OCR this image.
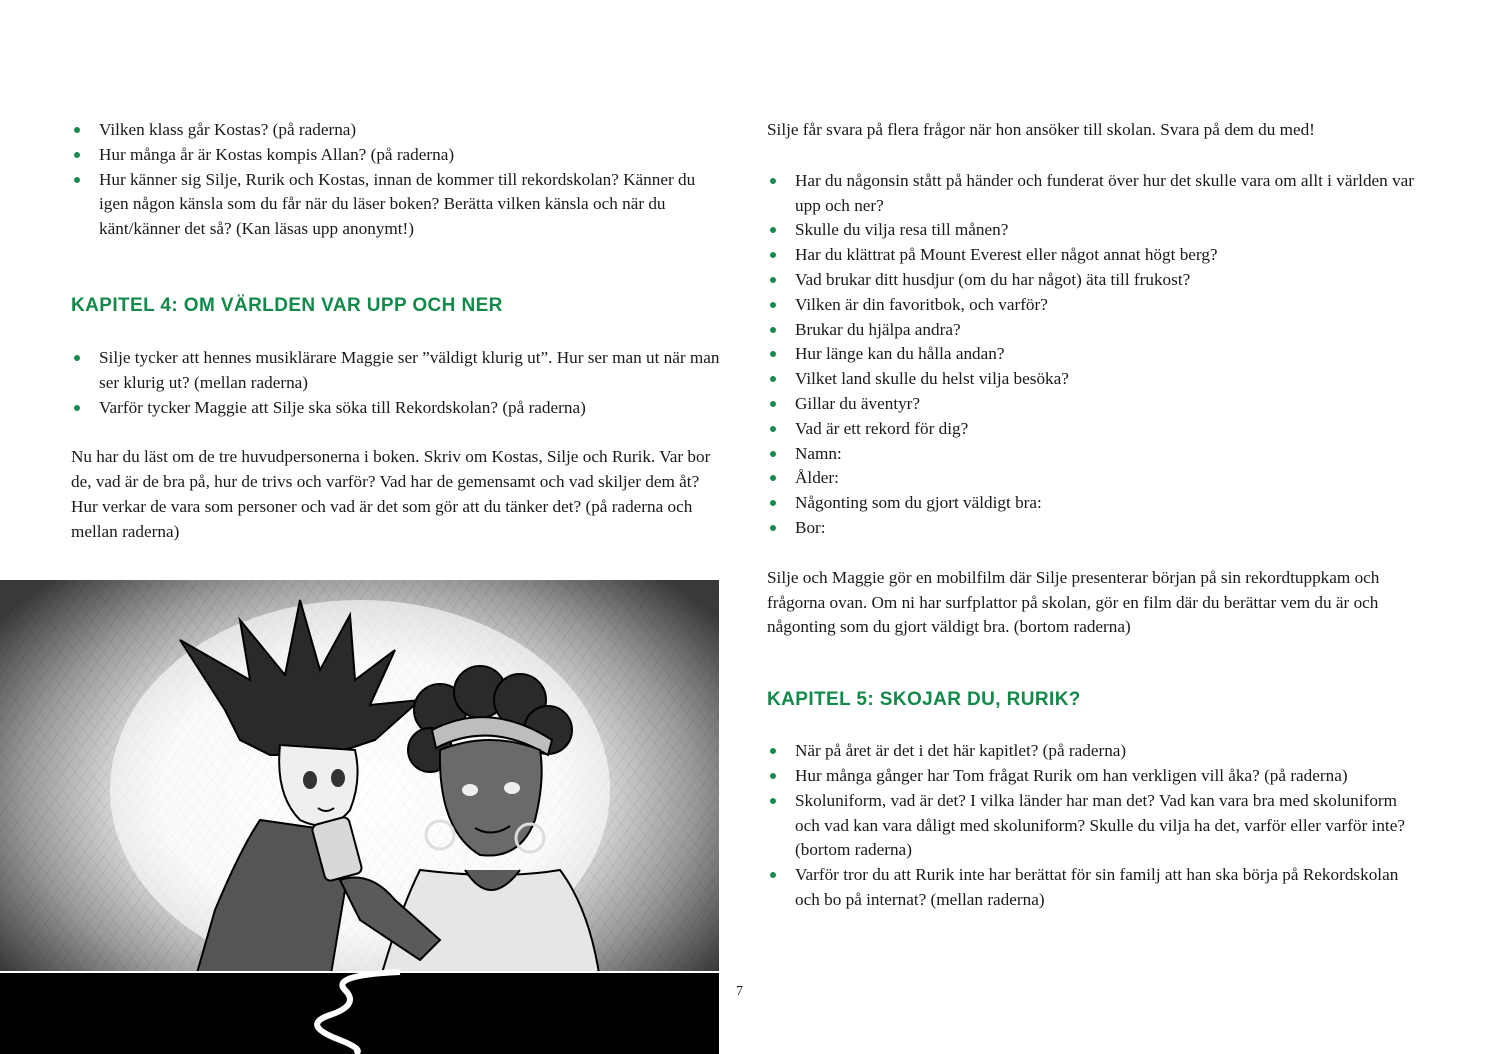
Vilken klass går Kostas? (på raderna)
Hur många år är Kostas kompis Allan? (på raderna)
Hur känner sig Silje, Rurik och Kostas, innan de kommer till rekordskolan? Känner du igen någon känsla som du får när du läser boken? Berätta vilken känsla och när du känt/känner det så? (Kan läsas upp anonymt!)
KAPITEL 4: OM VÄRLDEN VAR UPP OCH NER
Silje tycker att hennes musiklärare Maggie ser ”väldigt klurig ut”. Hur ser man ut när man ser klurig ut? (mellan raderna)
Varför tycker Maggie att Silje ska söka till Rekordskolan? (på raderna)

Nu har du läst om de tre huvudpersonerna i boken. Skriv om Kostas, Silje och Rurik. Var bor de, vad är de bra på, hur de trivs och varför? Vad har de gemensamt och vad skiljer dem åt? Hur verkar de vara som personer och vad är det som gör att du tänker det? (på raderna och mellan raderna)

7

Silje får svara på flera frågor när hon ansöker till skolan. Svara på dem du med!

Har du någonsin stått på händer och funderat över hur det skulle vara om allt i världen var upp och ner?
Skulle du vilja resa till månen?
Har du klättrat på Mount Everest eller något annat högt berg?
Vad brukar ditt husdjur (om du har något) äta till frukost?
Vilken är din favoritbok, och varför?
Brukar du hjälpa andra?
Hur länge kan du hålla andan?
Vilket land skulle du helst vilja besöka?
Gillar du äventyr?
Vad är ett rekord för dig?
Namn:
Ålder:
Någonting som du gjort väldigt bra:
Bor:

Silje och Maggie gör en mobilfilm där Silje presenterar början på sin rekordtuppkam och frågorna ovan. Om ni har surfplattor på skolan, gör en film där du berättar vem du är och någonting som du gjort väldigt bra. (bortom raderna)

KAPITEL 5: SKOJAR DU, RURIK?
När på året är det i det här kapitlet? (på raderna)
Hur många gånger har Tom frågat Rurik om han verkligen vill åka? (på raderna)
Skoluniform, vad är det? I vilka länder har man det? Vad kan vara bra med skoluniform och vad kan vara dåligt med skoluniform? Skulle du vilja ha det, varför eller varför inte? (bortom raderna)
Varför tror du att Rurik inte har berättat för sin familj att han ska börja på Rekordskolan och bo på internat? (mellan raderna)
